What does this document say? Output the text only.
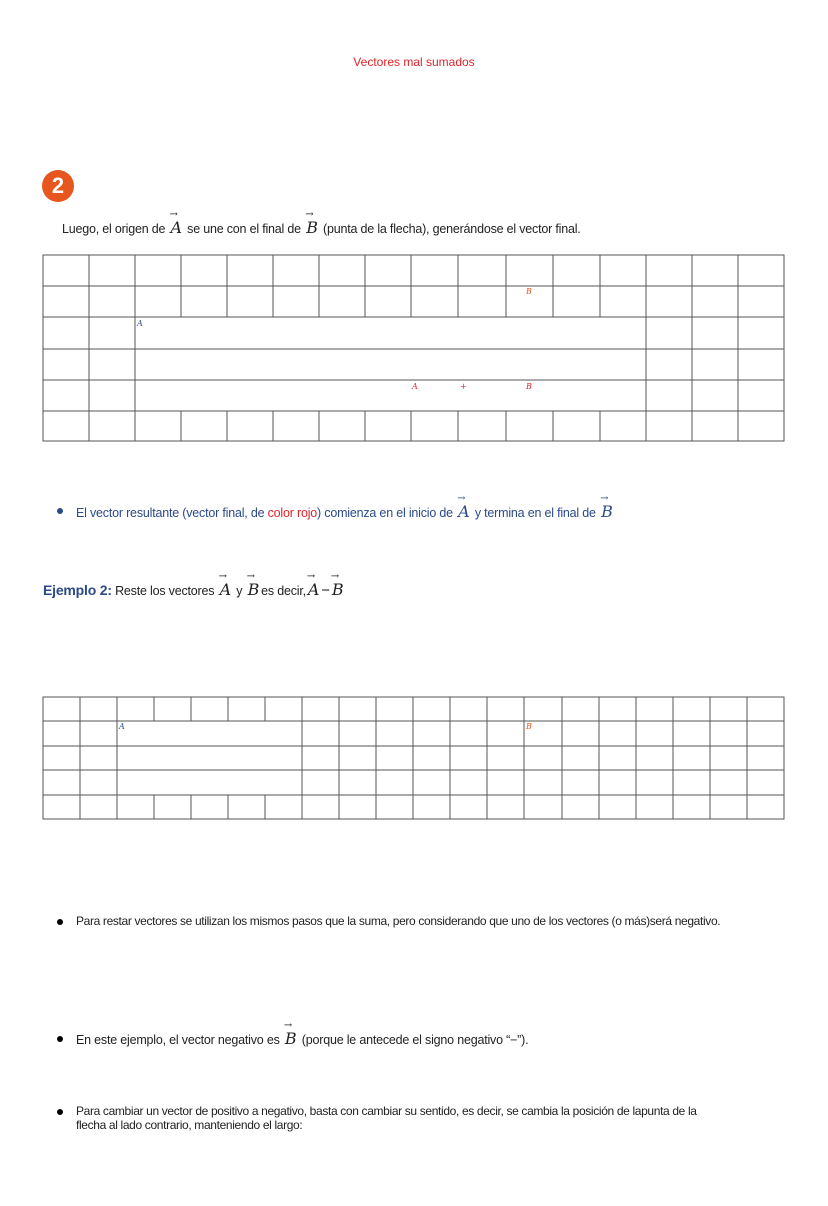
Vectores mal sumados
2
Luego, el origen de → A se une con el final de → B (punta de la flecha), generándose el vector final.
B
A
A	+	B
El vector resultante (vector final, de color rojo) comienza en el inicio de → A y termina en el final de → B
Ejemplo 2: Reste los vectores → A y → B es decir, → A − → B
A	B
Para restar vectores se utilizan los mismos pasos que la suma, pero considerando que uno de los vectores (o más)será negativo.
En este ejemplo, el vector negativo es → B (porque le antecede el signo negativo “−”).
Para cambiar un vector de positivo a negativo, basta con cambiar su sentido, es decir, se cambia la posición de lapunta de la
flecha al lado contrario, manteniendo el largo:
